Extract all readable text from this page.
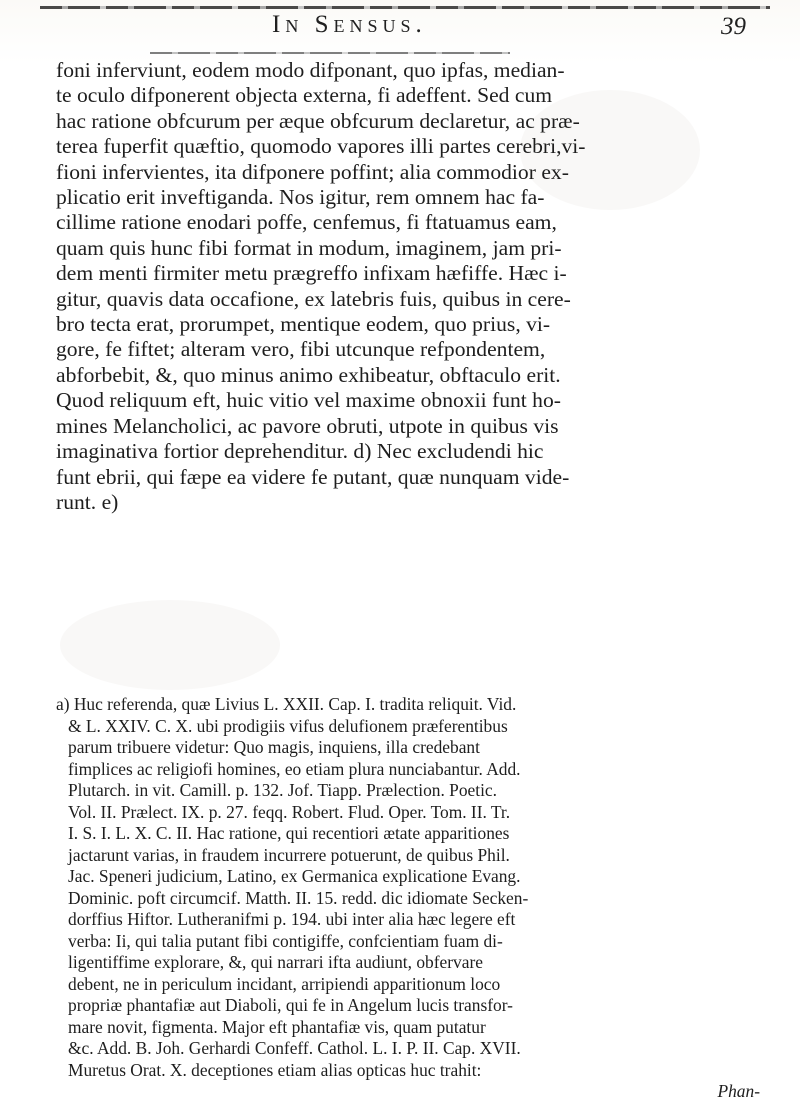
In Sensus.	39
foni inferviunt, eodem modo difponant, quo ipfas, median-
te oculo difponerent objecta externa, fi adeffent. Sed cum
hac ratione obfcurum per æque obfcurum declaretur, ac præ-
terea fuperfit quæftio, quomodo vapores illi partes cerebri,vi-
fioni infervientes, ita difponere poffint; alia commodior ex-
plicatio erit inveftiganda. Nos igitur, rem omnem hac fa-
cillime ratione enodari poffe, cenfemus, fi ftatuamus eam,
quam quis hunc fibi format in modum, imaginem, jam pri-
dem menti firmiter metu prægreffo infixam hæfiffe. Hæc i-
gitur, quavis data occafione, ex latebris fuis, quibus in cere-
bro tecta erat, prorumpet, mentique eodem, quo prius, vi-
gore, fe fiftet; alteram vero, fibi utcunque refpondentem,
abforbebit, &, quo minus animo exhibeatur, obftaculo erit.
Quod reliquum eft, huic vitio vel maxime obnoxii funt ho-
mines Melancholici, ac pavore obruti, utpote in quibus vis
imaginativa fortior deprehenditur. d) Nec excludendi hic
funt ebrii, qui fæpe ea videre fe putant, quæ nunquam vide-
runt. e)
a) Huc referenda, quæ Livius L. XXII. Cap. I. tradita reliquit. Vid.
& L. XXIV. C. X. ubi prodigiis vifus delufionem præferentibus
parum tribuere videtur: Quo magis, inquiens, illa credebant
fimplices ac religiofi homines, eo etiam plura nunciabantur. Add.
Plutarch. in vit. Camill. p. 132. Jof. Tiapp. Prælection. Poetic.
Vol. II. Prælect. IX. p. 27. feqq. Robert. Flud. Oper. Tom. II. Tr.
I. S. I. L. X. C. II. Hac ratione, qui recentiori ætate apparitiones
jactarunt varias, in fraudem incurrere potuerunt, de quibus Phil.
Jac. Speneri judicium, Latino, ex Germanica explicatione Evang.
Dominic. poft circumcif. Matth. II. 15. redd. dic idiomate Secken-
dorffius Hiftor. Lutheranifmi p. 194. ubi inter alia hæc legere eft
verba: Ii, qui talia putant fibi contigiffe, confcientiam fuam di-
ligentiffime explorare, &, qui narrari ifta audiunt, obfervare
debent, ne in periculum incidant, arripiendi apparitionum loco
propriæ phantafiæ aut Diaboli, qui fe in Angelum lucis transfor-
mare novit, figmenta. Major eft phantafiæ vis, quam putatur
&c. Add. B. Joh. Gerhardi Confeff. Cathol. L. I. P. II. Cap. XVII.
Muretus Orat. X. deceptiones etiam alias opticas huc trahit:
Phan-
